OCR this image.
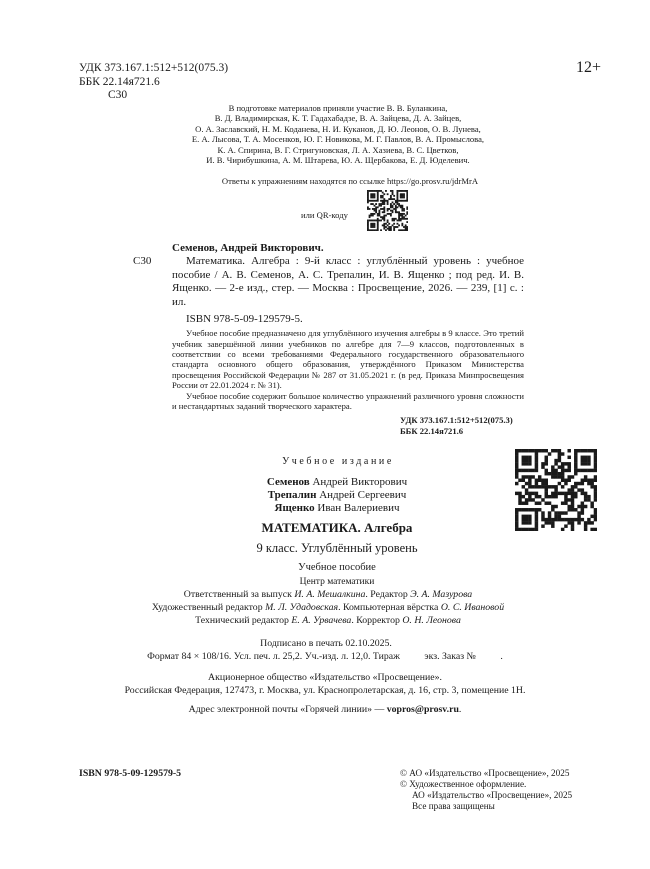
12+
УДК 373.167.1:512+512(075.3)
ББК 22.14я721.6
С30
В подготовке материалов приняли участие В. В. Буланкина,
В. Д. Владимирская, К. Т. Гадахабадзе, В. А. Зайцева, Д. А. Зайцев,
О. А. Заславский, Н. М. Коданева, Н. И. Куканов, Д. Ю. Леонов, О. В. Лунева,
Е. А. Лысова, Т. А. Мосенков, Ю. Г. Новикова, М. Г. Павлов, В. А. Промыслова,
К. А. Спирина, В. Г. Стригуновская, Л. А. Хазиева, В. С. Цветков,
И. В. Чирибушкина, А. М. Штарева, Ю. А. Щербакова, Е. Д. Юделевич.
Ответы к упражнениям находятся по ссылке https://go.prosv.ru/jdrMrA
или QR-коду
Семенов, Андрей Викторович.
С30	Математика. Алгебра : 9-й класс : углублённый уровень : учебное пособие / А. В. Семенов, А. С. Трепалин, И. В. Ященко ; под ред. И. В. Ященко. — 2-е изд., стер. — Москва : Просвещение, 2026. — 239, [1] с. : ил.

ISBN 978-5-09-129579-5.

Учебное пособие предназначено для углублённого изучения алгебры в 9 классе. Это третий учебник завершённой линии учебников по алгебре для 7—9 классов, подготовленных в соответствии со всеми требованиями Федерального государственного образовательного стандарта основного общего образования, утверждённого Приказом Министерства просвещения Российской Федерации № 287 от 31.05.2021 г. (в ред. Приказа Минпросвещения России от 22.01.2024 г. № 31).

Учебное пособие содержит большое количество упражнений различного уровня сложности и нестандартных заданий творческого характера.

УДК 373.167.1:512+512(075.3)
ББК 22.14я721.6
Учебное издание
Семенов Андрей Викторович
Трепалин Андрей Сергеевич
Ященко Иван Валериевич
МАТЕМАТИКА. Алгебра
9 класс. Углублённый уровень
Учебное пособие
Центр математики
Ответственный за выпуск И. А. Мешалкина. Редактор Э. А. Мазурова
Художественный редактор М. Л. Удадовская. Компьютерная вёрстка О. С. Ивановой
Технический редактор Е. А. Урвачева. Корректор О. Н. Леонова
Подписано в печать 02.10.2025.
Формат 84 × 108/16. Усл. печ. л. 25,2. Уч.-изд. л. 12,0. Тираж          экз. Заказ №          .
Акционерное общество «Издательство «Просвещение».
Российская Федерация, 127473, г. Москва, ул. Краснопролетарская, д. 16, стр. 3, помещение 1Н.
Адрес электронной почты «Горячей линии» — vopros@prosv.ru.
ISBN 978-5-09-129579-5	© АО «Издательство «Просвещение», 2025
© Художественное оформление.
АО «Издательство «Просвещение», 2025
Все права защищены
